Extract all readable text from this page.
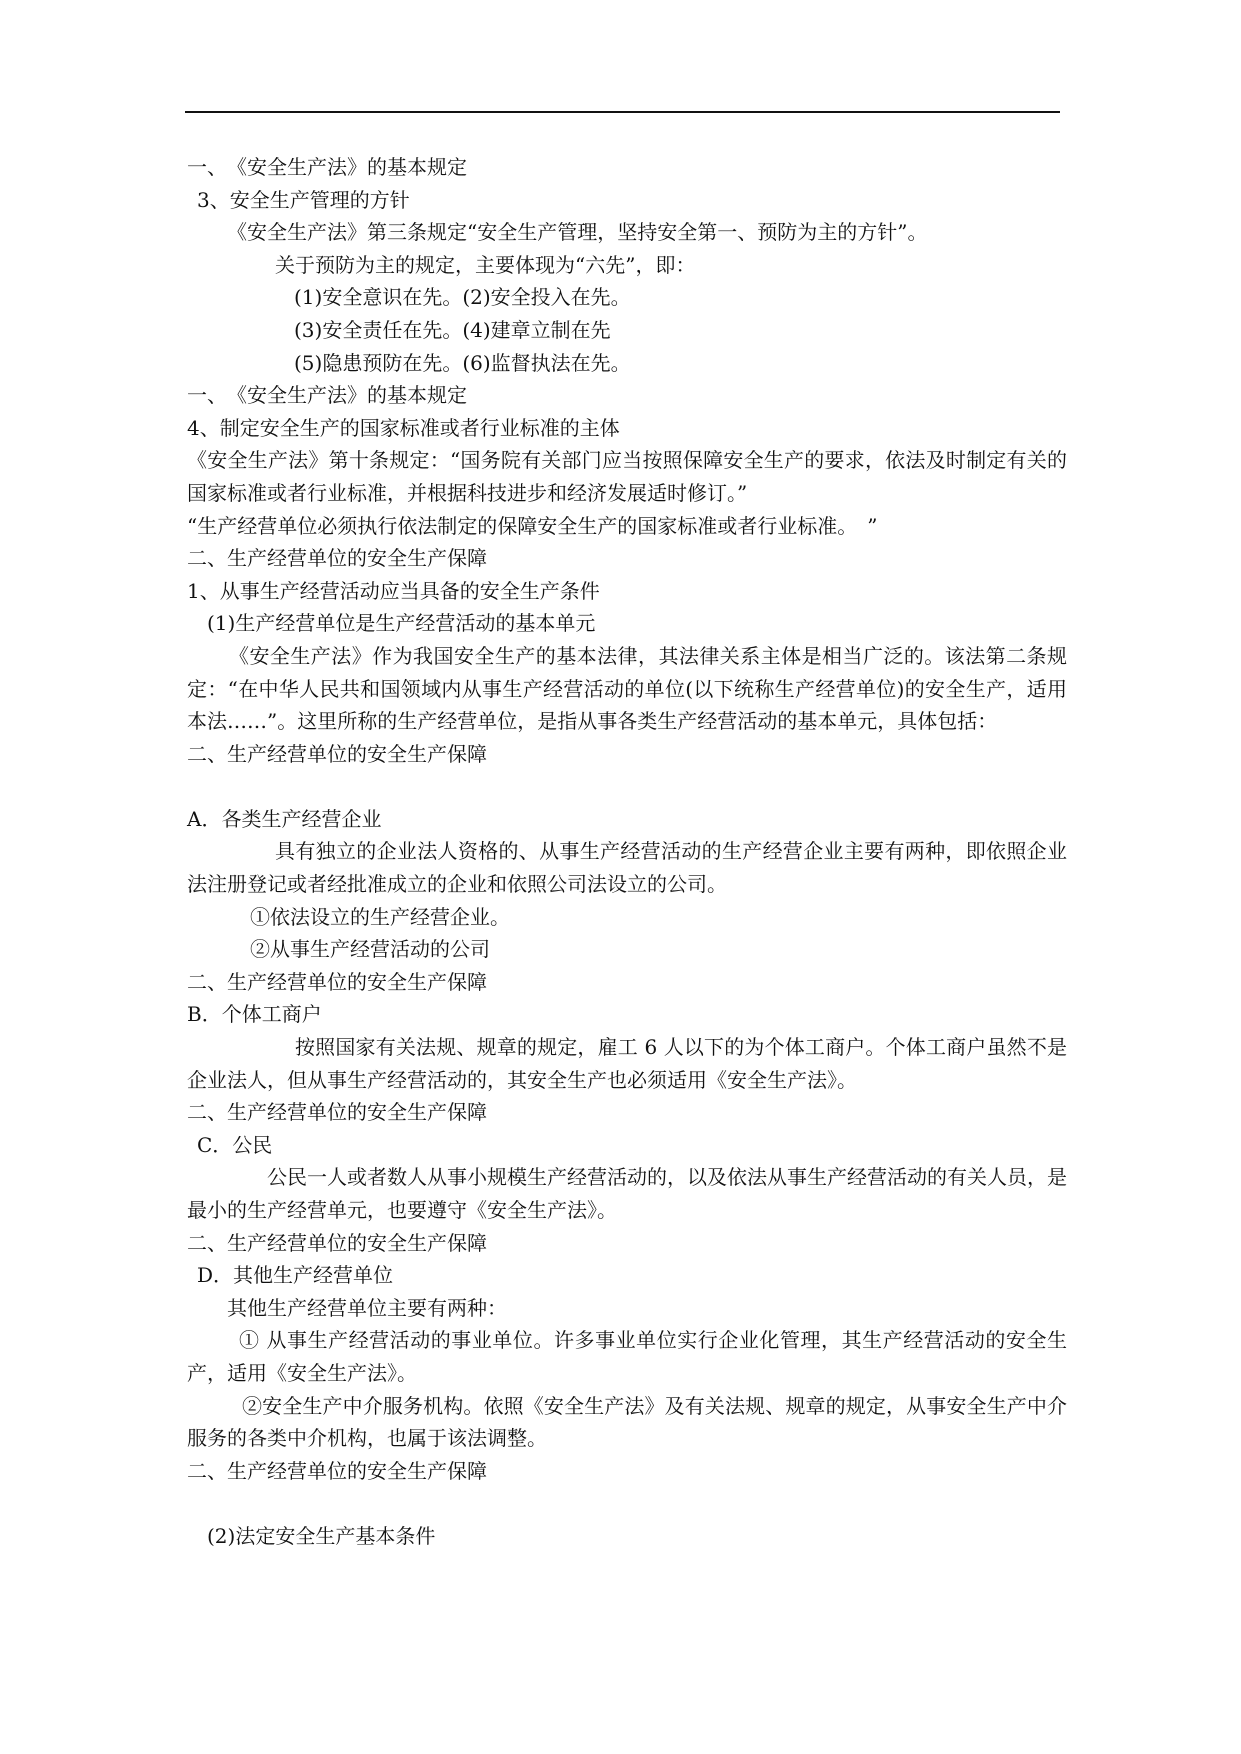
一、　《安全生产法》的基本规定

3、安全生产管理的方针

《安全生产法》第三条规定“安全生产管理，坚持安全第一、预防为主的方针”。

关于预防为主的规定，主要体现为“六先”，即：

(1)安全意识在先。(2)安全投入在先。

(3)安全责任在先。(4)建章立制在先

(5)隐患预防在先。(6)监督执法在先。

一、　《安全生产法》的基本规定

4、制定安全生产的国家标准或者行业标准的主体

《安全生产法》第十条规定：“国务院有关部门应当按照保障安全生产的要求，依法及时制定有关的国家标准或者行业标准，并根据科技进步和经济发展适时修订。”

“生产经营单位必须执行依法制定的保障安全生产的国家标准或者行业标准。　”

二、生产经营单位的安全生产保障

1、从事生产经营活动应当具备的安全生产条件

(1)生产经营单位是生产经营活动的基本单元

《安全生产法》作为我国安全生产的基本法律，其法律关系主体是相当广泛的。该法第二条规定：“在中华人民共和国领域内从事生产经营活动的单位(以下统称生产经营单位)的安全生产，适用本法……”。这里所称的生产经营单位，是指从事各类生产经营活动的基本单元，具体包括：

二、生产经营单位的安全生产保障

A．各类生产经营企业

具有独立的企业法人资格的、从事生产经营活动的生产经营企业主要有两种，即依照企业法注册登记或者经批准成立的企业和依照公司法设立的公司。

①依法设立的生产经营企业。

②从事生产经营活动的公司

二、生产经营单位的安全生产保障

B．个体工商户

按照国家有关法规、规章的规定，雇工 6 人以下的为个体工商户。个体工商户虽然不是企业法人，但从事生产经营活动的，其安全生产也必须适用《安全生产法》。

二、生产经营单位的安全生产保障

C．公民

公民一人或者数人从事小规模生产经营活动的，以及依法从事生产经营活动的有关人员，是最小的生产经营单元，也要遵守《安全生产法》。

二、生产经营单位的安全生产保障

D．其他生产经营单位

其他生产经营单位主要有两种：

① 从事生产经营活动的事业单位。许多事业单位实行企业化管理，其生产经营活动的安全生产，适用《安全生产法》。

②安全生产中介服务机构。依照《安全生产法》及有关法规、规章的规定，从事安全生产中介服务的各类中介机构，也属于该法调整。

二、生产经营单位的安全生产保障

(2)法定安全生产基本条件
